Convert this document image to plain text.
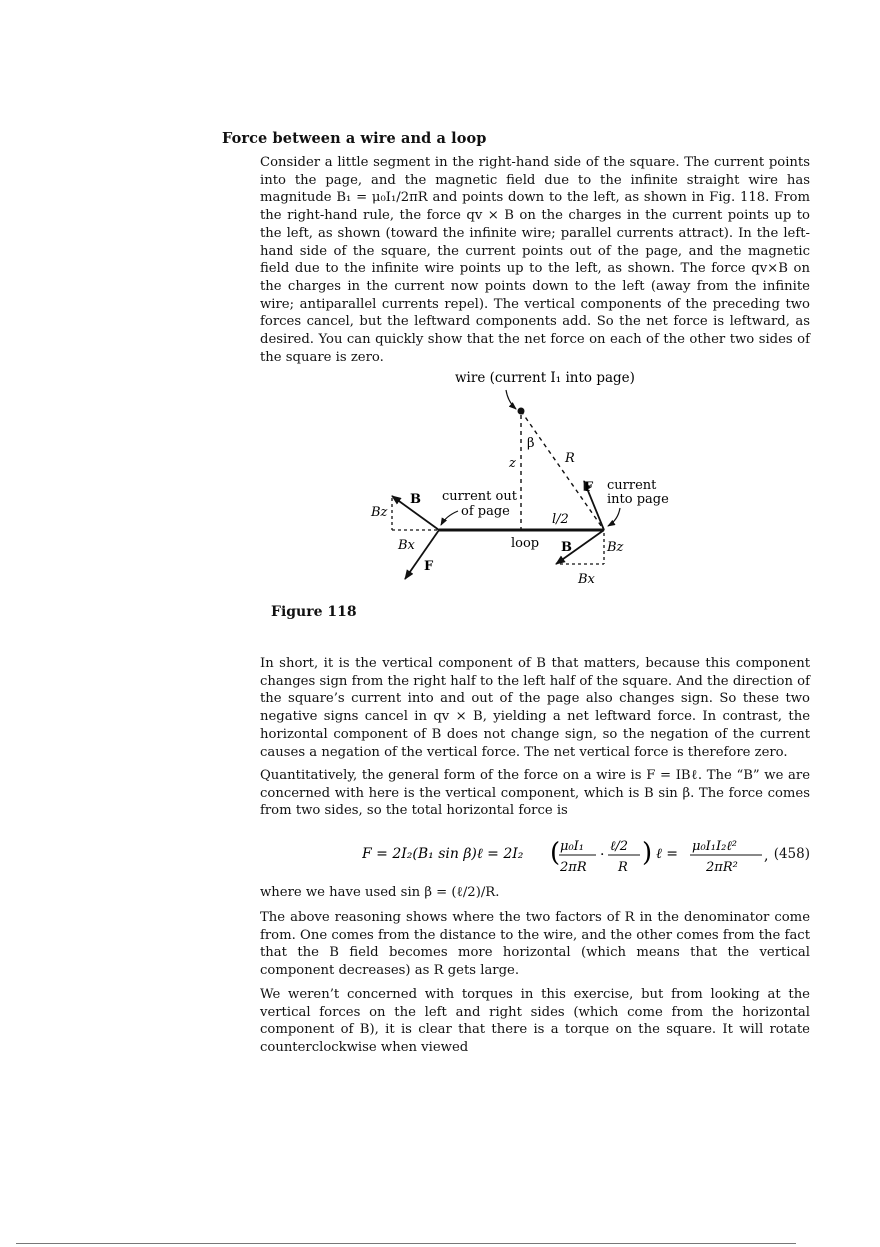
Force between a wire and a loop

Consider a little segment in the right-hand side of the square. The current points into the page, and the magnetic field due to the infinite straight wire has magnitude B₁ = μ₀I₁/2πR and points down to the left, as shown in Fig. 118. From the right-hand rule, the force qv × B on the charges in the current points up to the left, as shown (toward the infinite wire; parallel currents attract). In the left-hand side of the square, the current points out of the page, and the magnetic field due to the infinite wire points up to the left, as shown. The force qv×B on the charges in the current now points down to the left (away from the infinite wire; antiparallel currents repel). The vertical components of the preceding two forces cancel, but the leftward components add. So the net force is leftward, as desired. You can quickly show that the net force on each of the other two sides of the square is zero.

wire (current I₁ into page)
β
z	R
F current
into page
B current out
of page
Bz
Bx
F
l/2
loop B	Bz
Bx
Figure 118

In short, it is the vertical component of B that matters, because this component changes sign from the right half to the left half of the square. And the direction of the square’s current into and out of the page also changes sign. So these two negative signs cancel in qv × B, yielding a net leftward force. In contrast, the horizontal component of B does not change sign, so the negation of the current causes a negation of the vertical force. The net vertical force is therefore zero.

Quantitatively, the general form of the force on a wire is F = IBℓ. The “B” we are concerned with here is the vertical component, which is B sin β. The force comes from two sides, so the total horizontal force is

F = 2I₂(B₁ sin β)ℓ = 2I₂ ( μ₀I₁
2πR
·
ℓ/2
R ) ℓ = μ₀I₁I₂ℓ²
2πR²
, (458)

where we have used sin β = (ℓ/2)/R.

The above reasoning shows where the two factors of R in the denominator come from. One comes from the distance to the wire, and the other comes from the fact that the B field becomes more horizontal (which means that the vertical component decreases) as R gets large.

We weren’t concerned with torques in this exercise, but from looking at the vertical forces on the left and right sides (which come from the horizontal component of B), it is clear that there is a torque on the square. It will rotate counterclockwise when viewed
